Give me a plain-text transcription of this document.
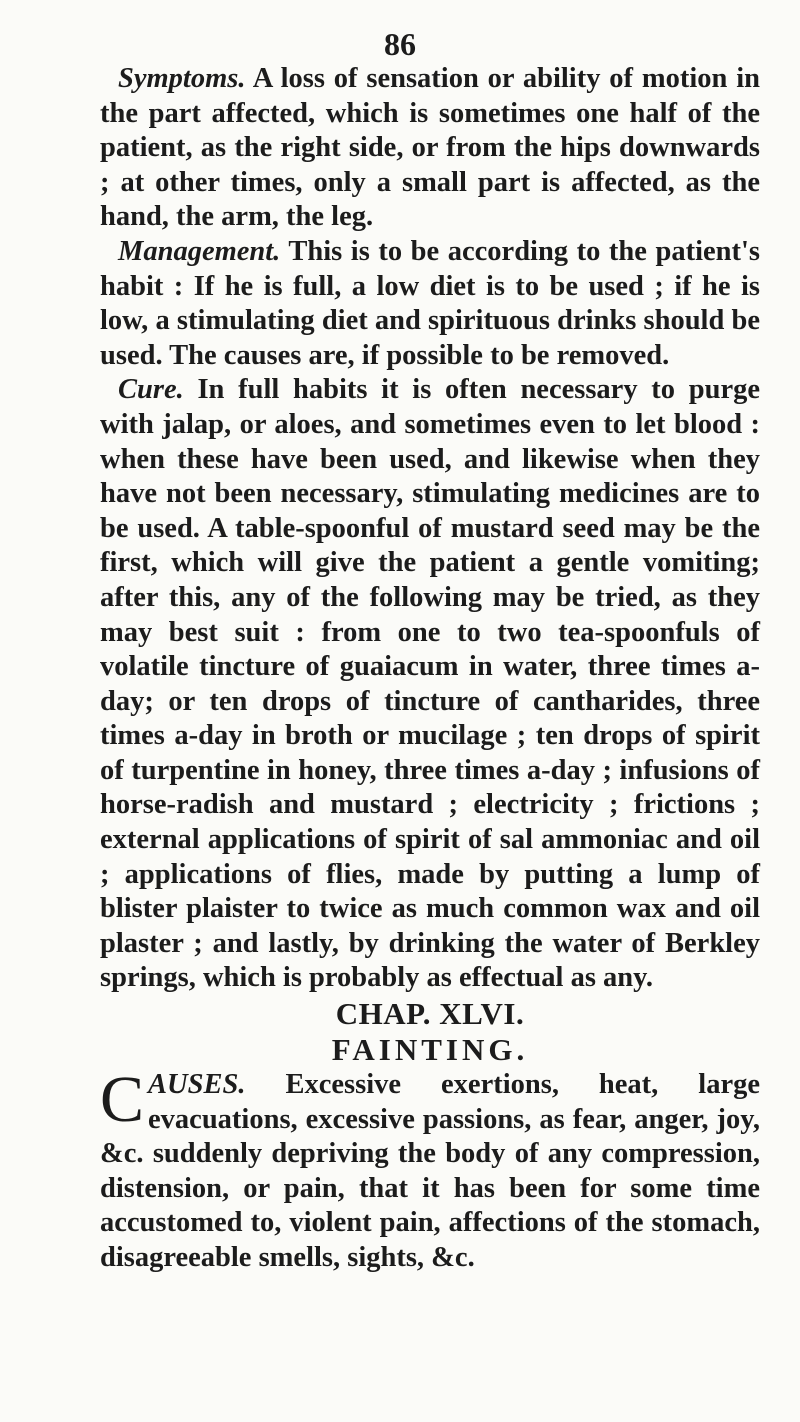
86

Symptoms. A loss of sensation or ability of motion in the part affected, which is sometimes one half of the patient, as the right side, or from the hips downwards ; at other times, only a small part is affected, as the hand, the arm, the leg.

Management. This is to be according to the patient's habit : If he is full, a low diet is to be used ; if he is low, a stimulating diet and spirituous drinks should be used. The causes are, if possible to be removed.

Cure. In full habits it is often necessary to purge with jalap, or aloes, and sometimes even to let blood : when these have been used, and likewise when they have not been necessary, stimulating medicines are to be used. A table-spoonful of mustard seed may be the first, which will give the patient a gentle vomiting; after this, any of the following may be tried, as they may best suit : from one to two tea-spoonfuls of volatile tincture of guaiacum in water, three times a-day; or ten drops of tincture of cantharides, three times a-day in broth or mucilage ; ten drops of spirit of turpentine in honey, three times a-day ; infusions of horse-radish and mustard ; electricity ; frictions ; external applications of spirit of sal ammoniac and oil ; applications of flies, made by putting a lump of blister plaister to twice as much common wax and oil plaster ; and lastly, by drinking the water of Berkley springs, which is probably as effectual as any.

CHAP. XLVI.

FAINTING.

C AUSES. Excessive exertions, heat, large evacuations, excessive passions, as fear, anger, joy, &c. suddenly depriving the body of any compression, distension, or pain, that it has been for some time accustomed to, violent pain, affections of the stomach, disagreeable smells, sights, &c.
